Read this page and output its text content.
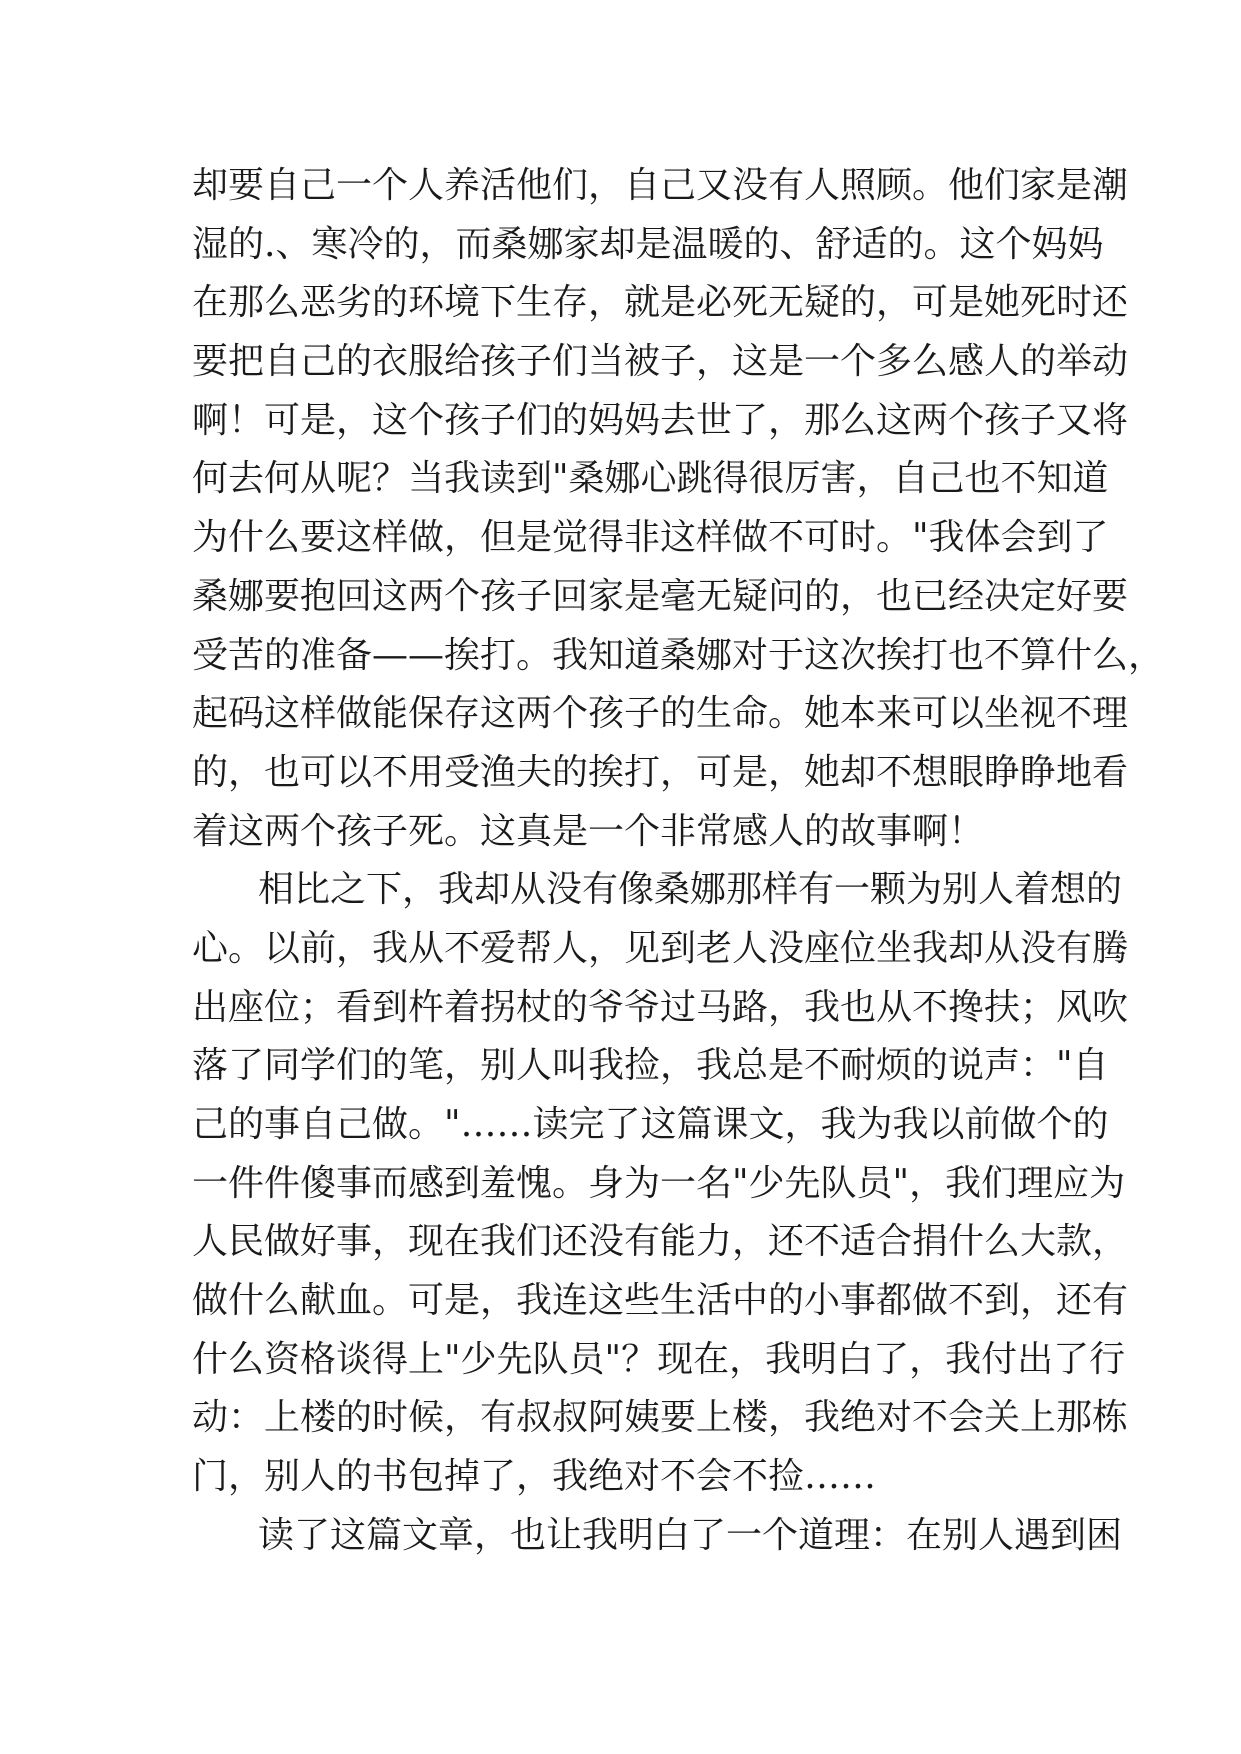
却要自己一个人养活他们，自己又没有人照顾。他们家是潮
湿的.、寒冷的，而桑娜家却是温暖的、舒适的。这个妈妈
在那么恶劣的环境下生存，就是必死无疑的，可是她死时还
要把自己的衣服给孩子们当被子，这是一个多么感人的举动
啊！可是，这个孩子们的妈妈去世了，那么这两个孩子又将
何去何从呢？当我读到"桑娜心跳得很厉害，自己也不知道
为什么要这样做，但是觉得非这样做不可时。"我体会到了
桑娜要抱回这两个孩子回家是毫无疑问的，也已经决定好要
受苦的准备——挨打。我知道桑娜对于这次挨打也不算什么，
起码这样做能保存这两个孩子的生命。她本来可以坐视不理
的，也可以不用受渔夫的挨打，可是，她却不想眼睁睁地看
着这两个孩子死。这真是一个非常感人的故事啊！
相比之下，我却从没有像桑娜那样有一颗为别人着想的
心。以前，我从不爱帮人，见到老人没座位坐我却从没有腾
出座位；看到杵着拐杖的爷爷过马路，我也从不搀扶；风吹
落了同学们的笔，别人叫我捡，我总是不耐烦的说声："自
己的事自己做。"……读完了这篇课文，我为我以前做个的
一件件傻事而感到羞愧。身为一名"少先队员"，我们理应为
人民做好事，现在我们还没有能力，还不适合捐什么大款，
做什么献血。可是，我连这些生活中的小事都做不到，还有
什么资格谈得上"少先队员"？现在，我明白了，我付出了行
动：上楼的时候，有叔叔阿姨要上楼，我绝对不会关上那栋
门，别人的书包掉了，我绝对不会不捡……
读了这篇文章，也让我明白了一个道理：在别人遇到困
